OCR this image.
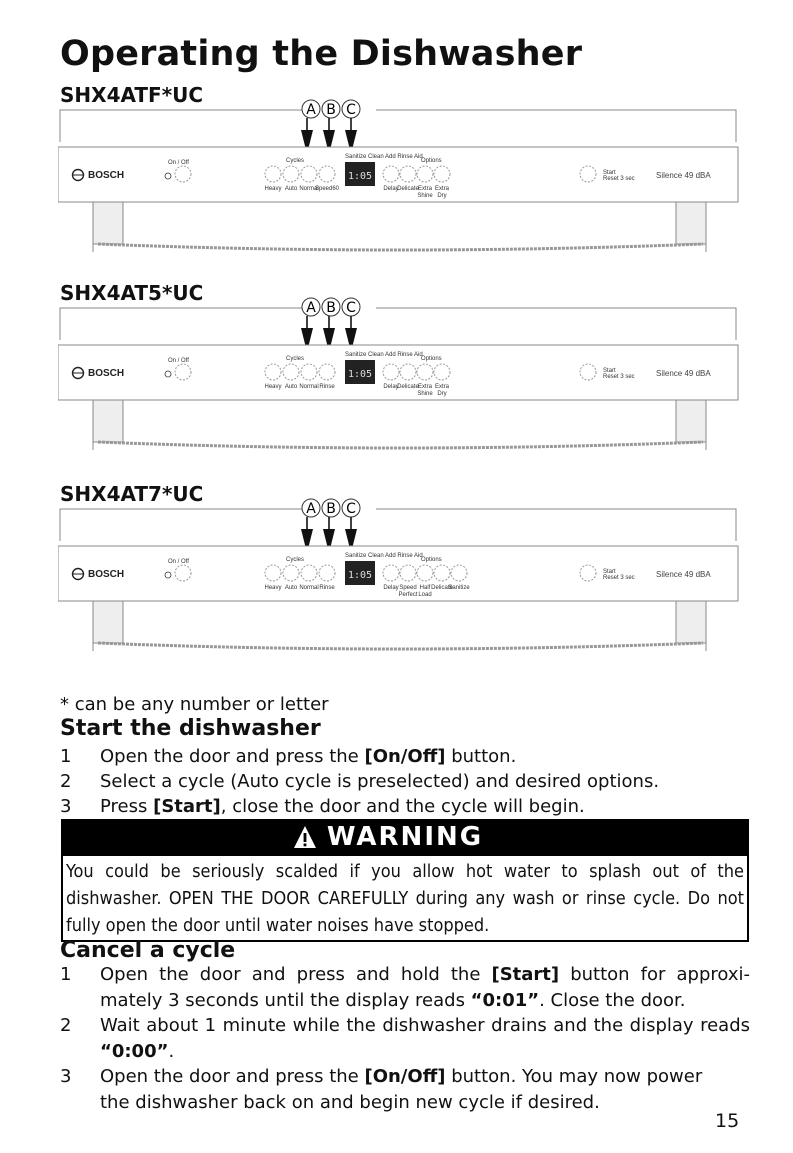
Operating the Dishwasher
SHX4ATF*UC
A B C
BOSCH
On / Off	Cycles
Heavy Auto Normal
Speed60
Sanitize Clean Add Rinse Aid
1:05
Options
Delay
Delicate Extra
Shine
Extra
Dry
Start
Reset 3 sec	Silence 49 dBA
SHX4AT5*UC
A B C
BOSCH
On / Off	Cycles
Heavy Auto Normal Rinse
Sanitize Clean Add Rinse Aid
1:05
Options
Delay
Delicate Extra
Shine
Extra
Dry
Start
Reset 3 sec	Silence 49 dBA
SHX4AT7*UC
A B C
BOSCH
On / Off	Cycles
Heavy Auto Normal Rinse
Sanitize Clean Add Rinse Aid
1:05
Options
Delay Speed
Perfect
Half
Load
Delicate
Sanitize
Start
Reset 3 sec	Silence 49 dBA
* can be any number or letter
Start the dishwasher
1	Open the door and press the [On/Off] button.
2	Select a cycle (Auto cycle is preselected) and desired options.
3	Press [Start], close the door and the cycle will begin.
WARNING

You could be seriously scalded if you allow hot water to splash out of the dishwasher. OPEN THE DOOR CAREFULLY during any wash or rinse cycle. Do not fully open the door until water noises have stopped.

Cancel a cycle
1	Open the door and press and hold the [Start] button for approxi-mately 3 seconds until the display reads “0:01”. Close the door.
2	Wait about 1 minute while the dishwasher drains and the display reads “0:00”.
3	Open the door and press the [On/Off] button. You may now power the dishwasher back on and begin new cycle if desired.
15
